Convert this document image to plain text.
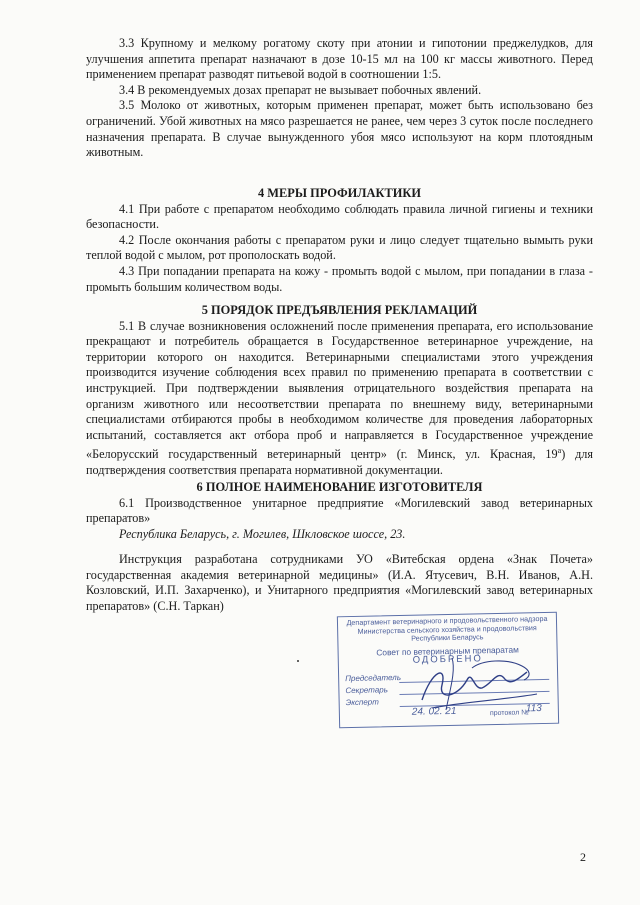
3.3 Крупному и мелкому рогатому скоту при атонии и гипотонии преджелудков, для улучшения аппетита препарат назначают в дозе 10-15 мл на 100 кг массы животного. Перед применением препарат разводят питьевой водой в соотношении 1:5.

3.4 В рекомендуемых дозах препарат не вызывает побочных явлений.

3.5 Молоко от животных, которым применен препарат, может быть использовано без ограничений. Убой животных на мясо разрешается не ранее, чем через 3 суток после последнего назначения препарата. В случае вынужденного убоя мясо используют на корм плотоядным животным.

4 МЕРЫ ПРОФИЛАКТИКИ

4.1 При работе с препаратом необходимо соблюдать правила личной гигиены и техники безопасности.

4.2 После окончания работы с препаратом руки и лицо следует тщательно вымыть руки теплой водой с мылом, рот прополоскать водой.

4.3 При попадании препарата на кожу - промыть водой с мылом, при попадании в глаза - промыть большим количеством воды.

5 ПОРЯДОК ПРЕДЪЯВЛЕНИЯ РЕКЛАМАЦИЙ

5.1 В случае возникновения осложнений после применения препарата, его использование прекращают и потребитель обращается в Государственное ветеринарное учреждение, на территории которого он находится. Ветеринарными специалистами этого учреждения производится изучение соблюдения всех правил по применению препарата в соответствии с инструкцией. При подтверждении выявления отрицательного воздействия препарата на организм животного или несоответствии препарата по внешнему виду, ветеринарными специалистами отбираются пробы в необходимом количестве для проведения лабораторных испытаний, составляется акт отбора проб и направляется в Государственное учреждение «Белорусский государственный ветеринарный центр» (г. Минск, ул. Красная, $19^а$) для подтверждения соответствия препарата нормативной документации.

6 ПОЛНОЕ НАИМЕНОВАНИЕ ИЗГОТОВИТЕЛЯ

6.1 Производственное унитарное предприятие «Могилевский завод ветеринарных препаратов»

Республика Беларусь, г. Могилев, Шкловское шоссе, 23.

Инструкция разработана сотрудниками УО «Витебская ордена «Знак Почета» государственная академия ветеринарной медицины» (И.А. Ятусевич, В.Н. Иванов, А.Н. Козловский, И.П. Захарченко), и Унитарного предприятия «Могилевский завод ветеринарных препаратов» (С.Н. Таркан)

Департамент ветеринарного и продовольственного надзора Министерства сельского хозяйства и продовольствия Республики Беларусь
Совет по ветеринарным препаратам
ОДОБРЕНО
Председатель
Секретарь
Эксперт
24. 02. 21	протокол №
113
2
